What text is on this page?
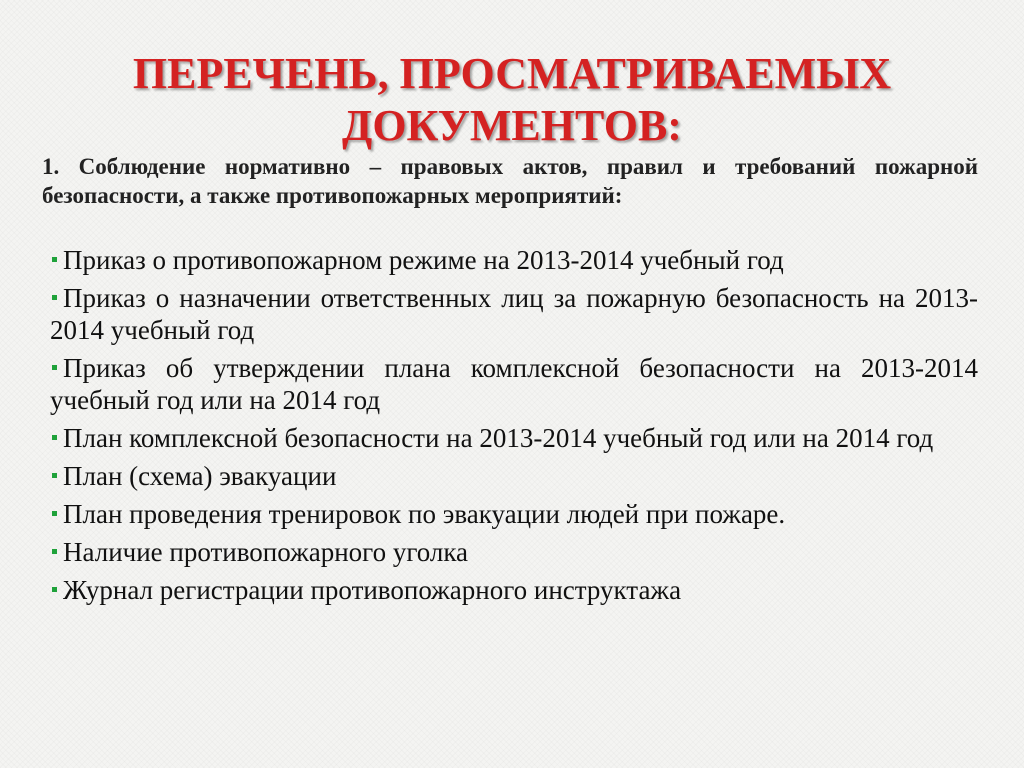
ПЕРЕЧЕНЬ, ПРОСМАТРИВАЕМЫХ ДОКУМЕНТОВ:

1. Соблюдение нормативно – правовых актов, правил и требований пожарной безопасности, а также противопожарных мероприятий:

Приказ о противопожарном режиме на 2013-2014 учебный год
Приказ о назначении ответственных лиц за пожарную безопасность на 2013-2014 учебный год
Приказ об утверждении плана комплексной безопасности на 2013-2014 учебный год или на 2014 год
План комплексной безопасности на 2013-2014 учебный год или на 2014 год
План (схема) эвакуации
План проведения тренировок по эвакуации людей при пожаре.
Наличие противопожарного уголка
Журнал регистрации противопожарного инструктажа
